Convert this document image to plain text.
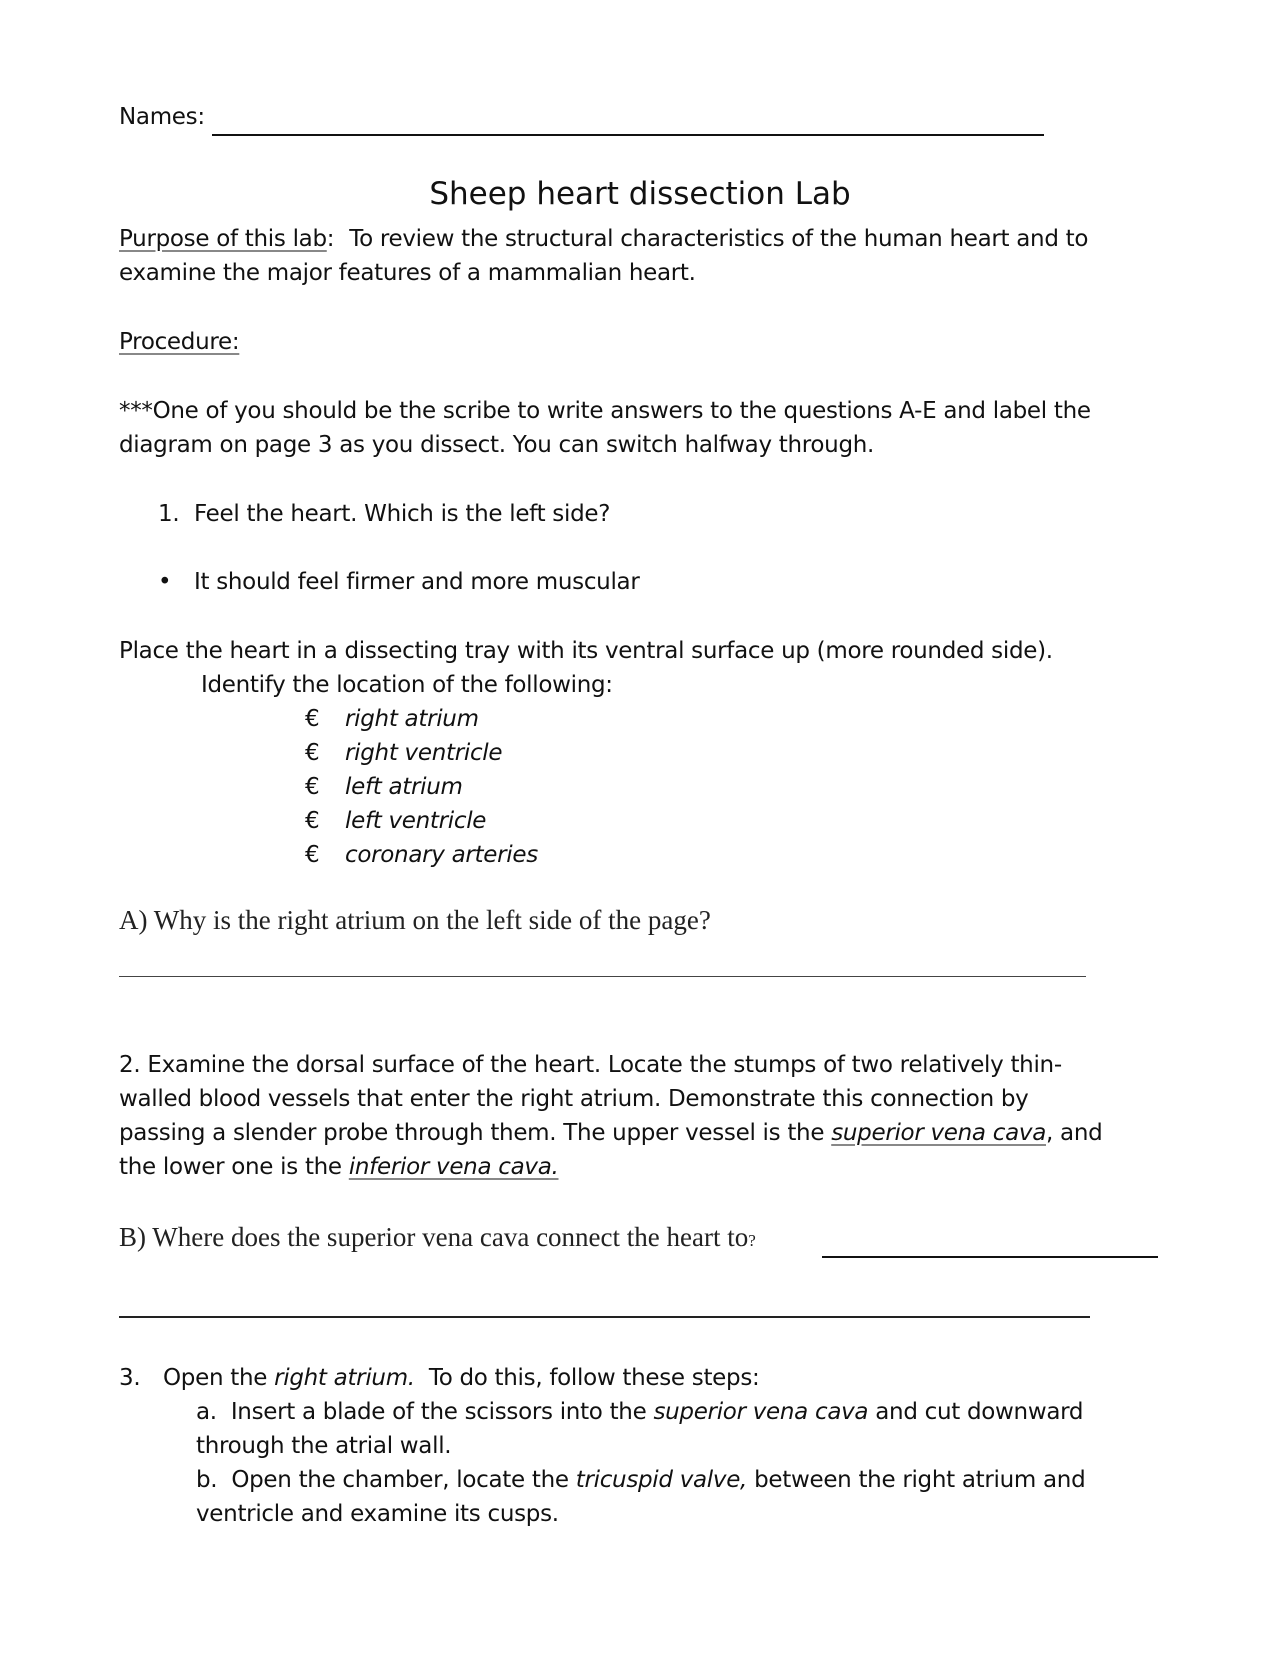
Names:
Sheep heart dissection Lab
Purpose of this lab: To review the structural characteristics of the human heart and to
examine the major features of a mammalian heart.
Procedure:
***One of you should be the scribe to write answers to the questions A-E and label the
diagram on page 3 as you dissect. You can switch halfway through.
1. Feel the heart. Which is the left side?
• It should feel firmer and more muscular
Place the heart in a dissecting tray with its ventral surface up (more rounded side).
Identify the location of the following:
€ right atrium
€ right ventricle
€ left atrium
€ left ventricle
€ coronary arteries
A) Why is the right atrium on the left side of the page?
2. Examine the dorsal surface of the heart. Locate the stumps of two relatively thin-
walled blood vessels that enter the right atrium. Demonstrate this connection by
passing a slender probe through them. The upper vessel is the superior vena cava, and
the lower one is the inferior vena cava.
B) Where does the superior vena cava connect the heart to?
3. Open the right atrium.  To do this, follow these steps:
a.  Insert a blade of the scissors into the superior vena cava and cut downward
through the atrial wall.
b.  Open the chamber, locate the tricuspid valve, between the right atrium and
ventricle and examine its cusps.
